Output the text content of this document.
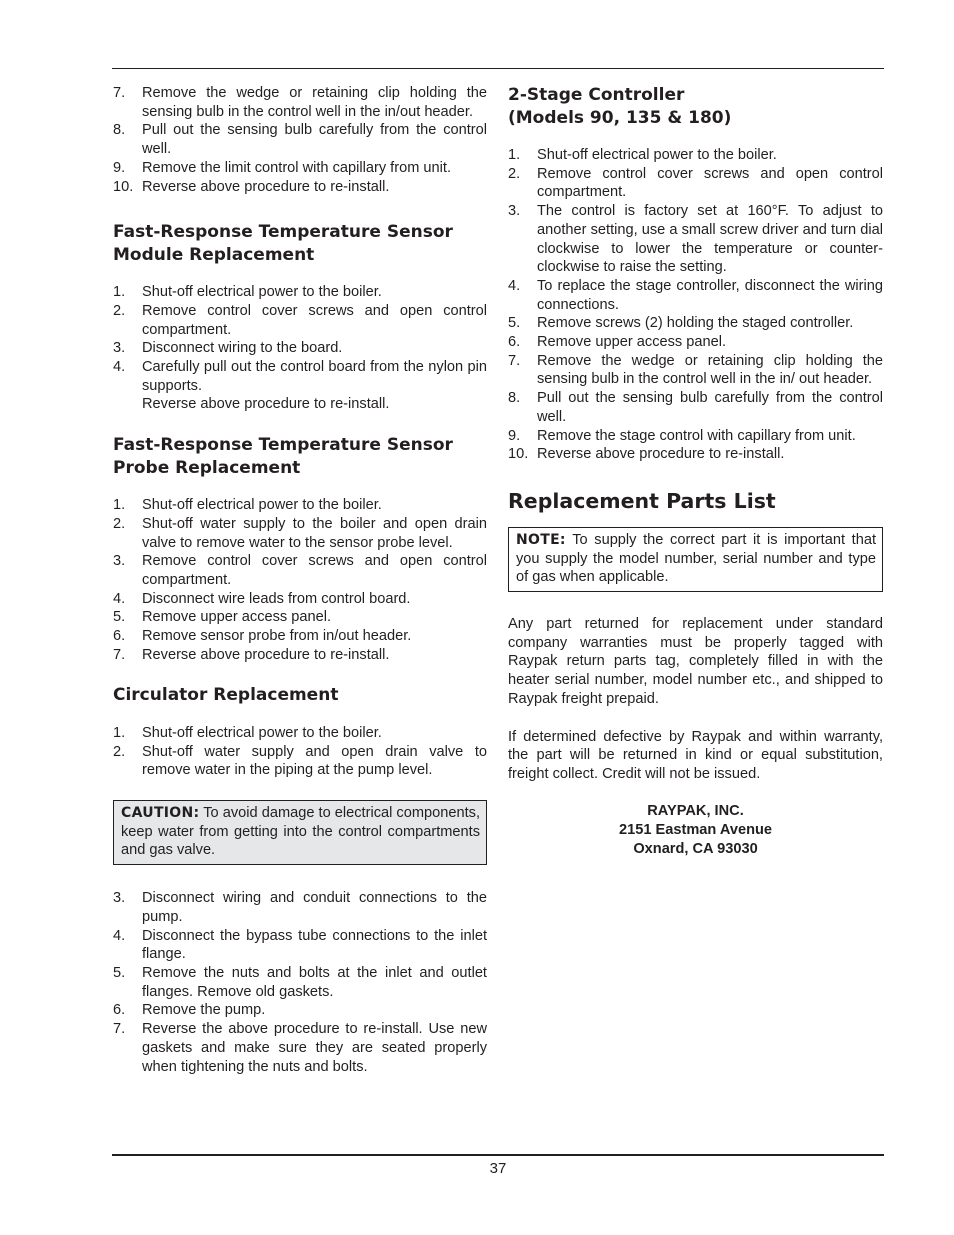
7.	Remove the wedge or retaining clip holding the sensing bulb in the control well in the in/out header.
8.	Pull out the sensing bulb carefully from the control well.
9.	Remove the limit control with capillary from unit.
10. Reverse above procedure to re-install.
Fast-Response Temperature Sensor Module Replacement
1.	Shut-off electrical power to the boiler.
2.	Remove control cover screws and open control compartment.
3.	Disconnect wiring to the board.
4.	Carefully pull out the control board from the nylon pin supports.
Reverse above procedure to re-install.
Fast-Response Temperature Sensor Probe Replacement
1.	Shut-off electrical power to the boiler.
2.	Shut-off water supply to the boiler and open drain valve to remove water to the sensor probe level.
3.	Remove control cover screws and open control compartment.
4.	Disconnect wire leads from control board.
5.	Remove upper access panel.
6.	Remove sensor probe from in/out header.
7.	Reverse above procedure to re-install.
Circulator Replacement
1.	Shut-off electrical power to the boiler.
2.	Shut-off water supply and open drain valve to remove water in the piping at the pump level.
CAUTION: To avoid damage to electrical components, keep water from getting into the control compartments and gas valve.
3.	Disconnect wiring and conduit connections to the pump.
4.	Disconnect the bypass tube connections to the inlet flange.
5.	Remove the nuts and bolts at the inlet and outlet flanges. Remove old gaskets.
6.	Remove the pump.
7.	Reverse the above procedure to re-install. Use new gaskets and make sure they are seated properly when tightening the nuts and bolts.
2-Stage Controller
(Models 90, 135 & 180)
1.	Shut-off electrical power to the boiler.
2.	Remove control cover screws and open control compartment.
3.	The control is factory set at 160°F. To adjust to another setting, use a small screw driver and turn dial clockwise to lower the temperature or counter-clockwise to raise the setting.
4.	To replace the stage controller, disconnect the wiring connections.
5.	Remove screws (2) holding the staged controller.
6.	Remove upper access panel.
7.	Remove the wedge or retaining clip holding the sensing bulb in the control well in the in/ out header.
8.	Pull out the sensing bulb carefully from the control well.
9.	Remove the stage control with capillary from unit.
10. Reverse above procedure to re-install.
Replacement Parts List
NOTE: To supply the correct part it is important that you supply the model number, serial number and type of gas when applicable.

Any part returned for replacement under standard company warranties must be properly tagged with Raypak return parts tag, completely filled in with the heater serial number, model number etc., and shipped to Raypak freight prepaid.

If determined defective by Raypak and within warranty, the part will be returned in kind or equal substitution, freight collect. Credit will not be issued.

RAYPAK, INC.
2151 Eastman Avenue
Oxnard, CA 93030
37
